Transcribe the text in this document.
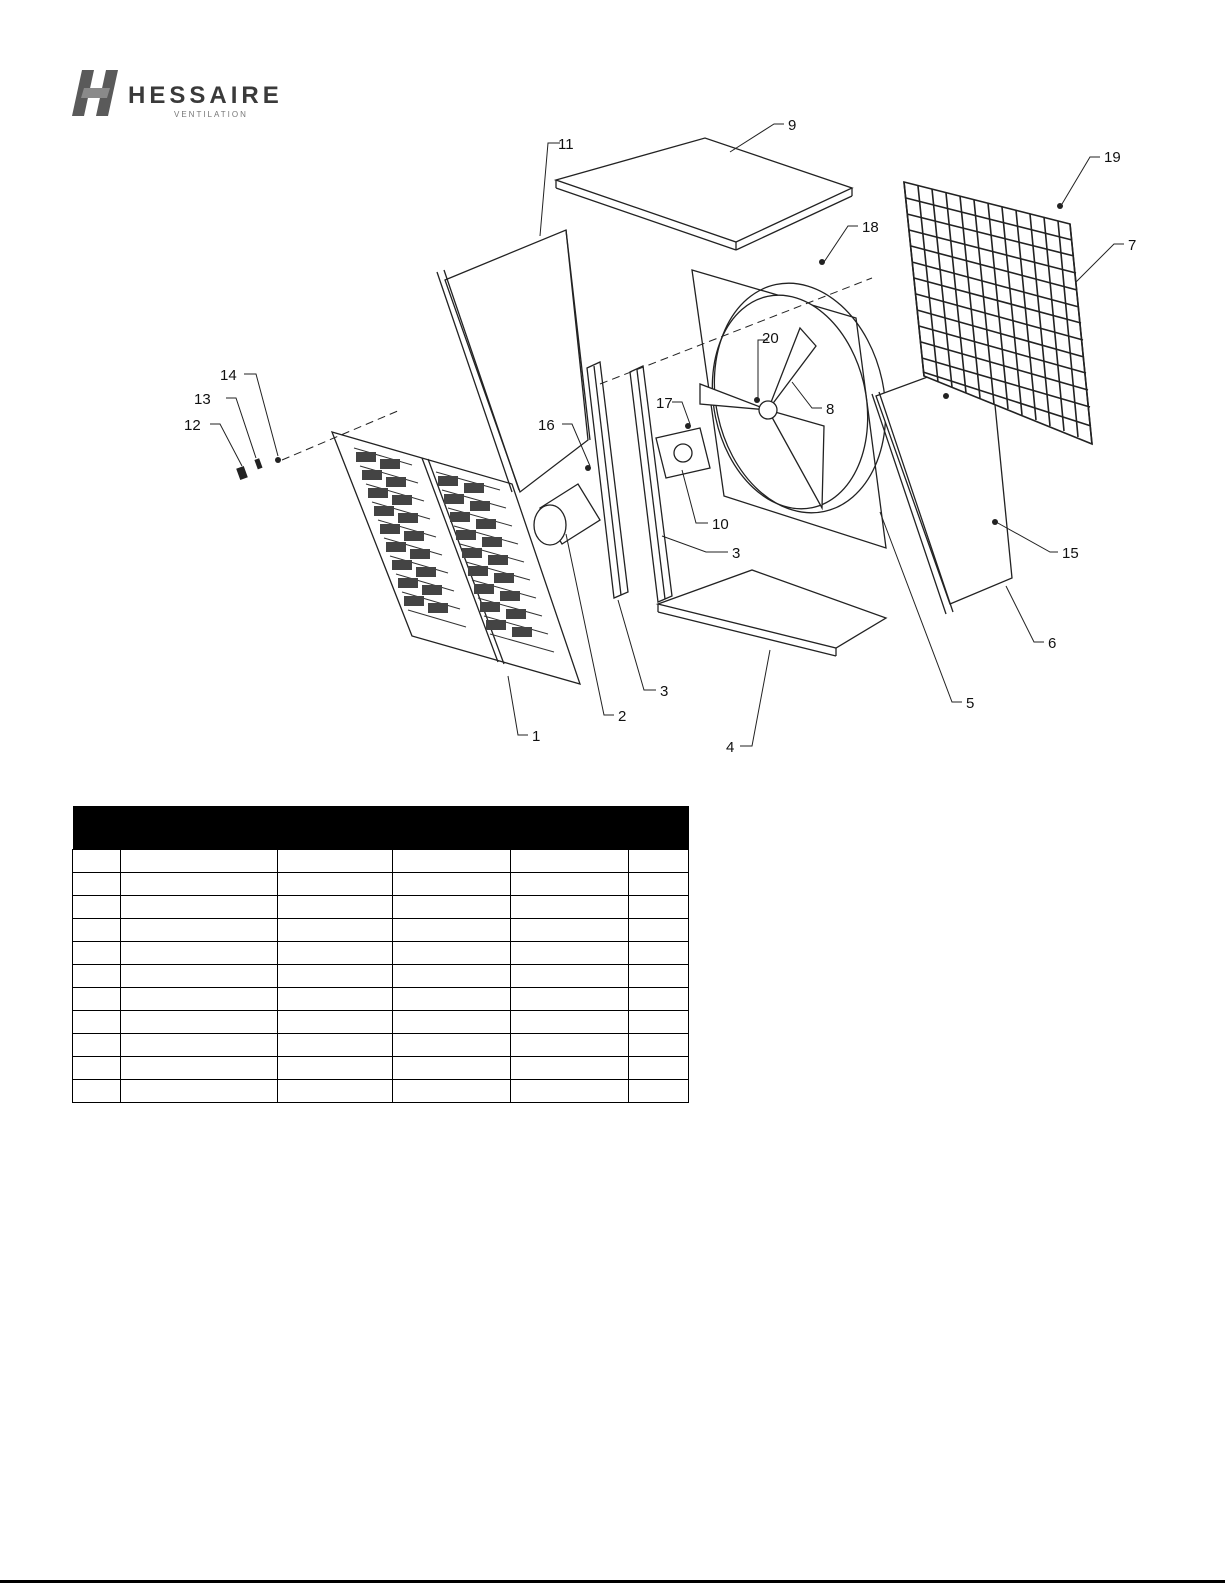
HESSAIRE
VENTILATION
1
2
3
3
4
5
6
7
8
9
10
11
12
13
14
15
16
17
18
19
20
